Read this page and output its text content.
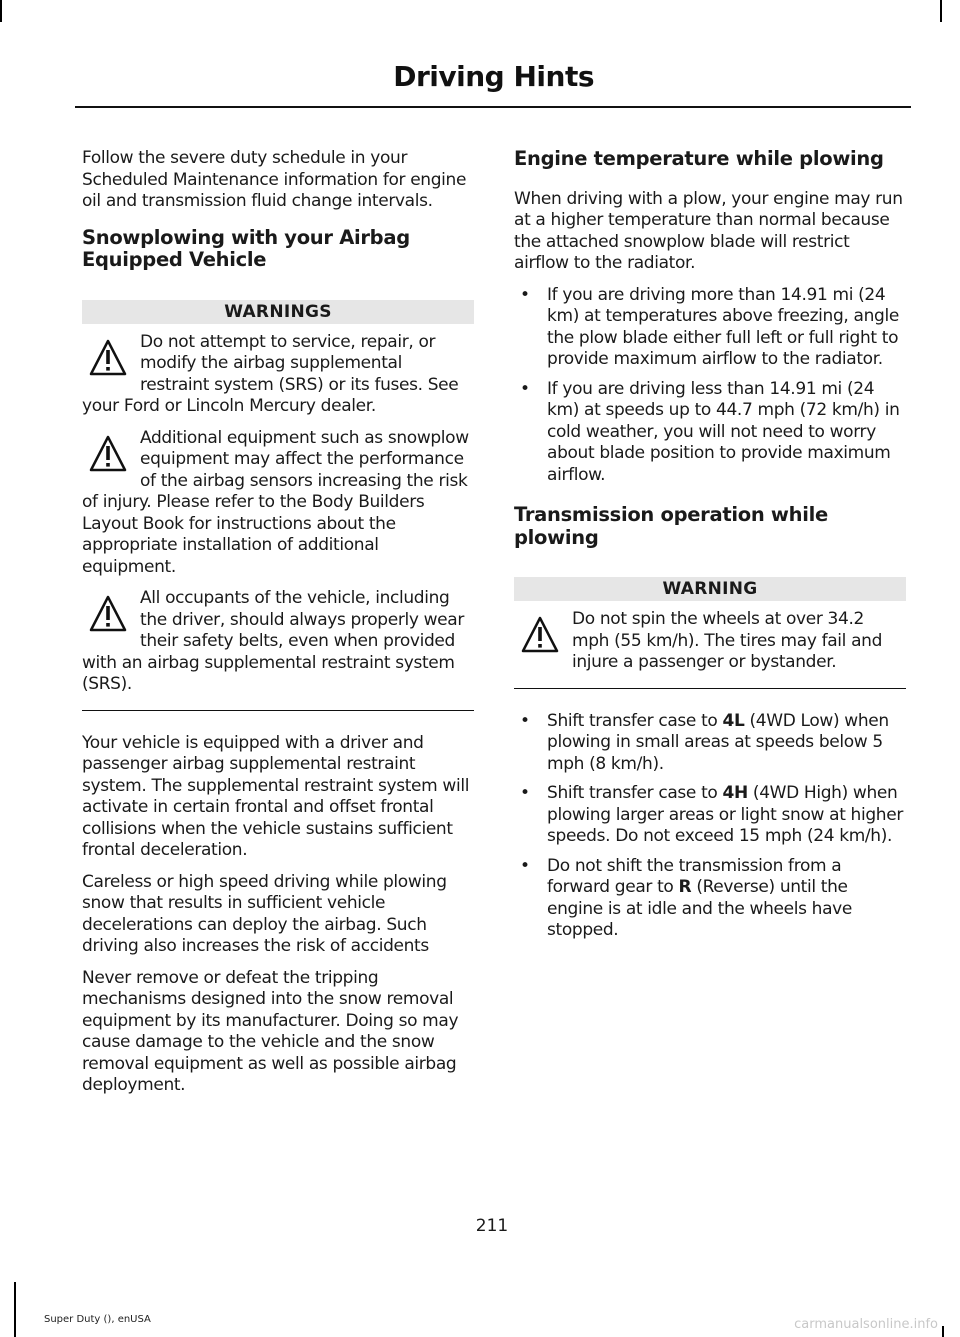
Driving Hints

Follow the severe duty schedule in your Scheduled Maintenance information for engine oil and transmission fluid change intervals.

Snowplowing with your Airbag Equipped Vehicle
WARNINGS
Do not attempt to service, repair, or modify the airbag supplemental restraint system (SRS) or its fuses. See your Ford or Lincoln Mercury dealer.
Additional equipment such as snowplow equipment may affect the performance of the airbag sensors increasing the risk of injury. Please refer to the Body Builders Layout Book for instructions about the appropriate installation of additional equipment.
All occupants of the vehicle, including the driver, should always properly wear their safety belts, even when provided with an airbag supplemental restraint system (SRS).

Your vehicle is equipped with a driver and passenger airbag supplemental restraint system. The supplemental restraint system will activate in certain frontal and offset frontal collisions when the vehicle sustains sufficient frontal deceleration.

Careless or high speed driving while plowing snow that results in sufficient vehicle decelerations can deploy the airbag. Such driving also increases the risk of accidents

Never remove or defeat the tripping mechanisms designed into the snow removal equipment by its manufacturer. Doing so may cause damage to the vehicle and the snow removal equipment as well as possible airbag deployment.

Engine temperature while plowing

When driving with a plow, your engine may run at a higher temperature than normal because the attached snowplow blade will restrict airflow to the radiator.

• If you are driving more than 14.91 mi (24 km) at temperatures above freezing, angle the plow blade either full left or full right to provide maximum airflow to the radiator.
• If you are driving less than 14.91 mi (24 km) at speeds up to 44.7 mph (72 km/h) in cold weather, you will not need to worry about blade position to provide maximum airflow.
Transmission operation while plowing
WARNING
Do not spin the wheels at over 34.2 mph (55 km/h). The tires may fail and injure a passenger or bystander.
• Shift transfer case to 4L (4WD Low) when plowing in small areas at speeds below 5 mph (8 km/h).
• Shift transfer case to 4H (4WD High) when plowing larger areas or light snow at higher speeds. Do not exceed 15 mph (24 km/h).
• Do not shift the transmission from a forward gear to R (Reverse) until the engine is at idle and the wheels have stopped.
211
Super Duty (), enUSA	carmanualsonline.info
